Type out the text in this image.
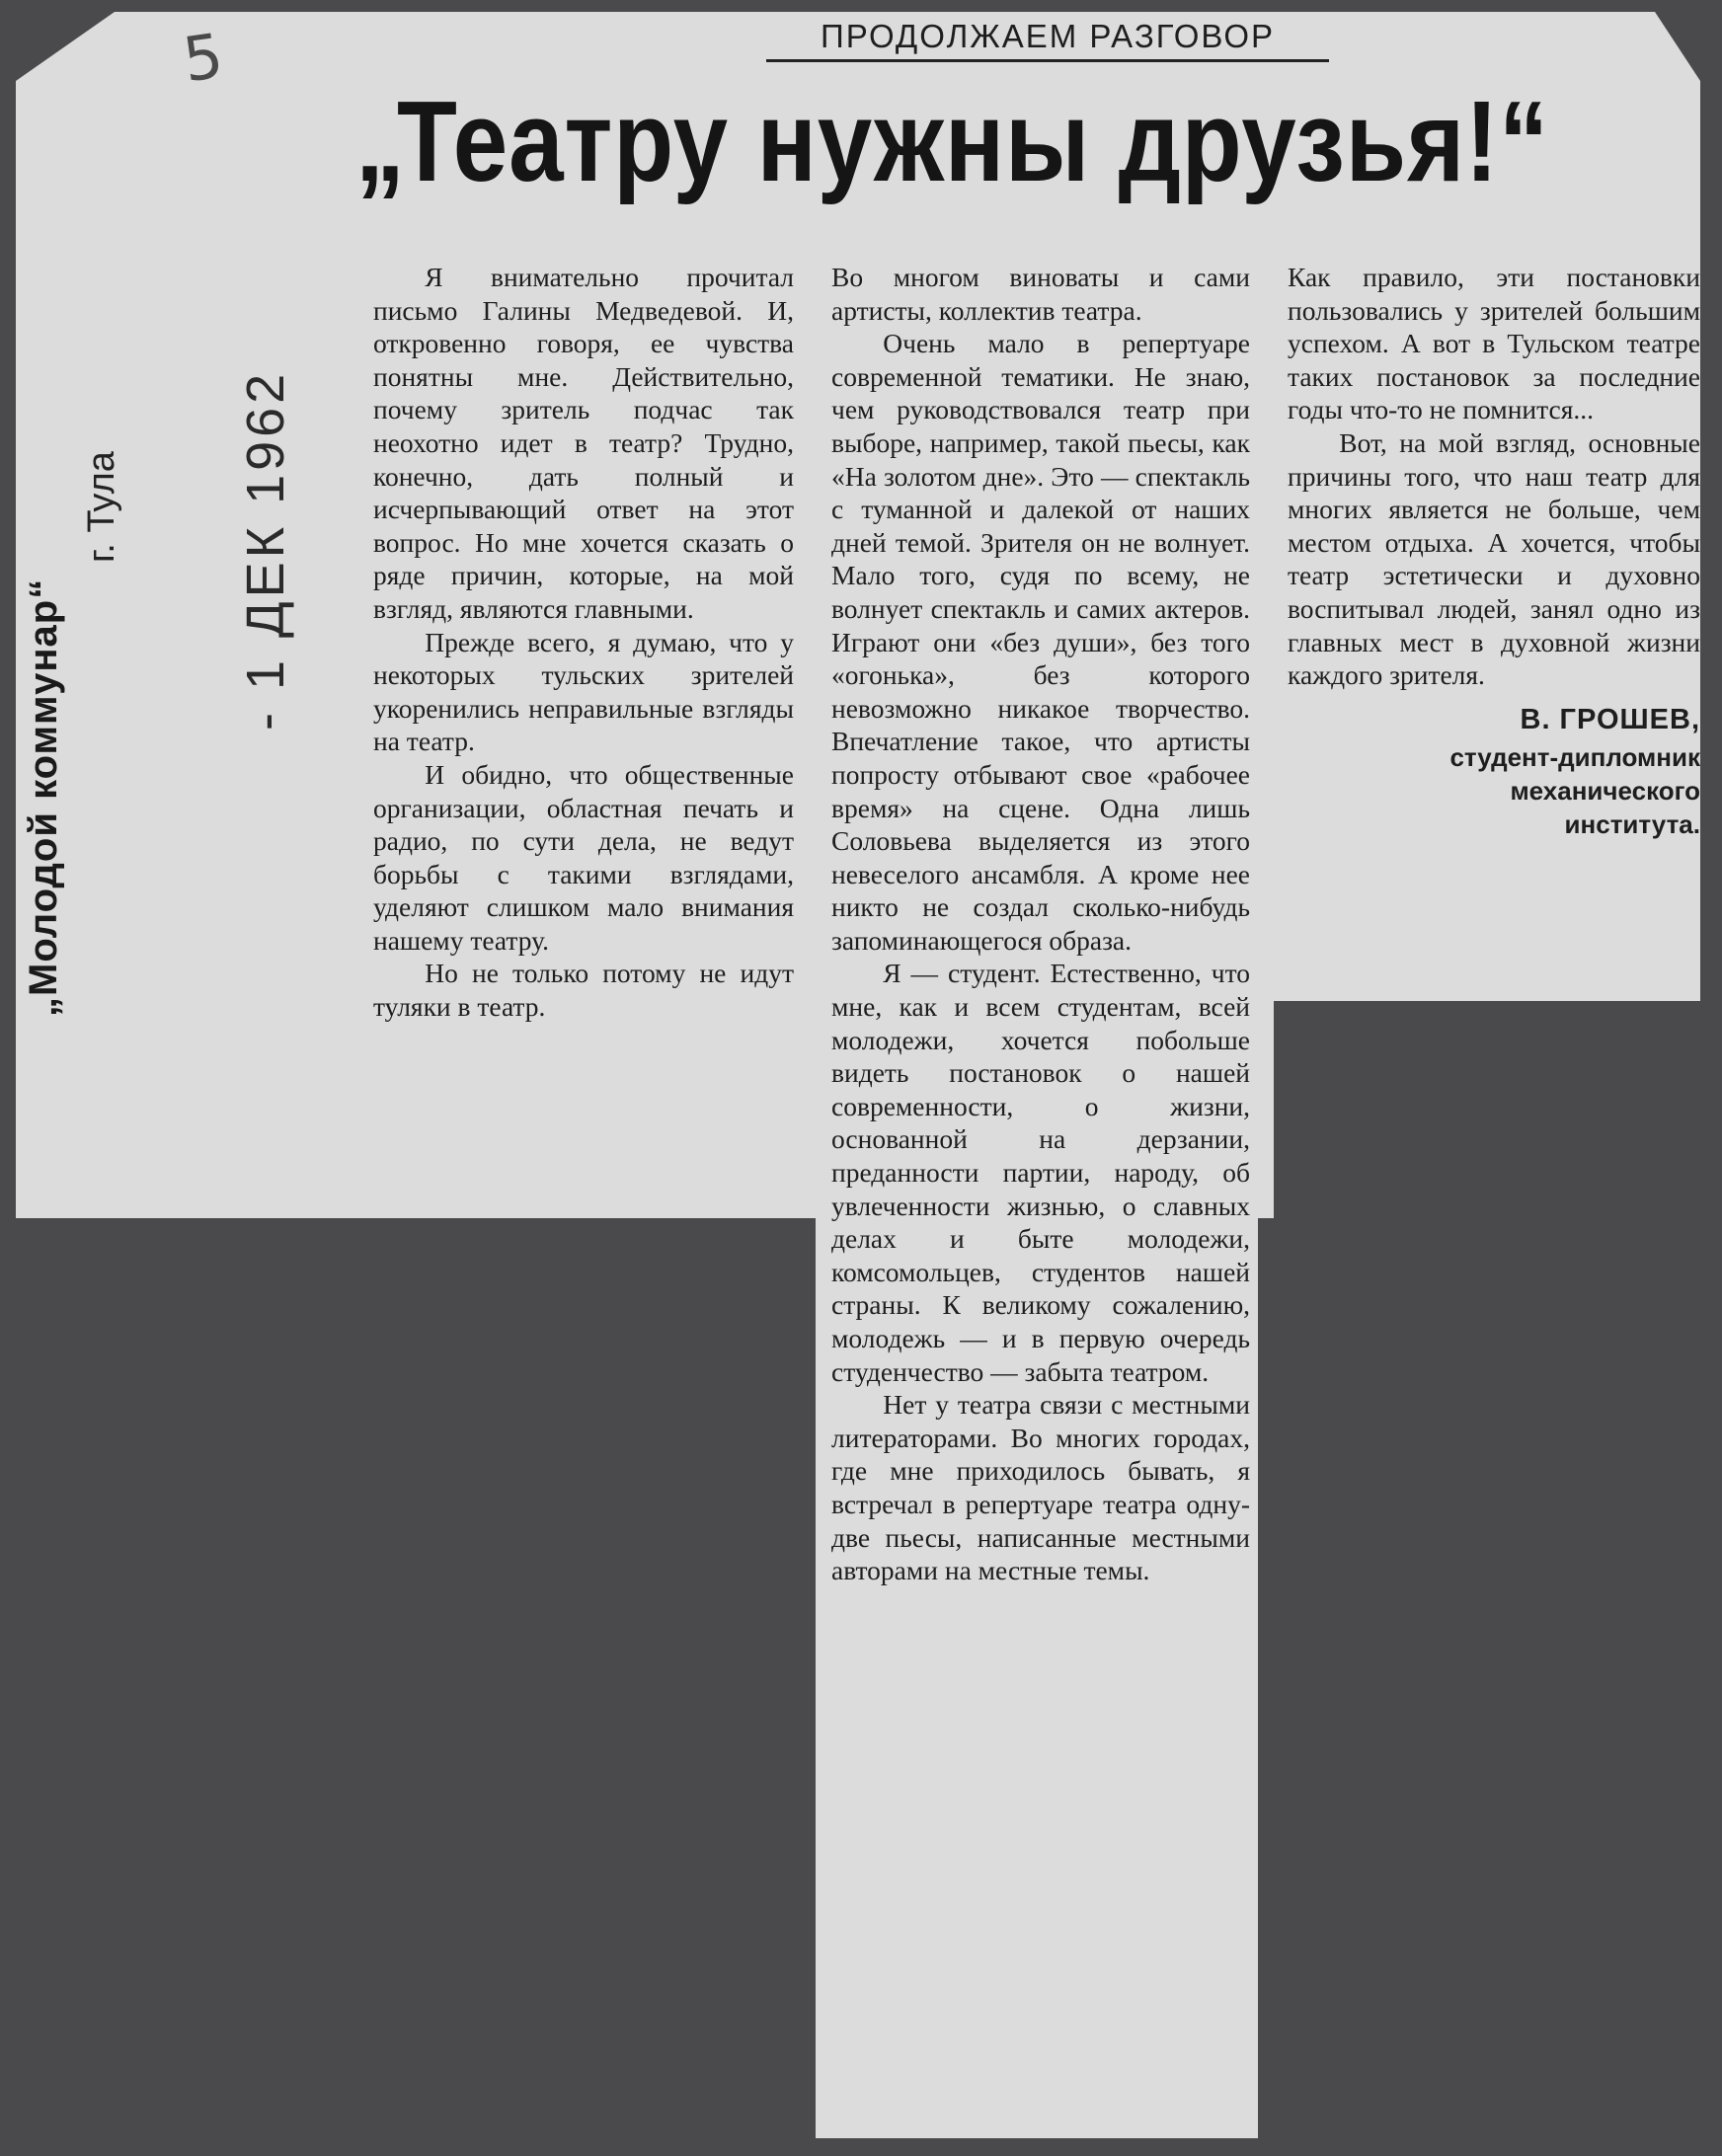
5	ПРОДОЛЖАЕМ РАЗГОВОР
„Театру нужны друзья!“
„Молодой коммунар“
г. Тула - 1 ДЕК 1962

Я внимательно прочитал письмо Галины Медведевой. И, откровенно говоря, ее чувства понятны мне. Действительно, почему зритель подчас так неохотно идет в театр? Трудно, конечно, дать полный и исчерпывающий ответ на этот вопрос. Но мне хочется сказать о ряде причин, которые, на мой взгляд, являются главными.

Прежде всего, я думаю, что у некоторых тульских зрителей укоренились неправильные взгляды на театр.

И обидно, что общественные организации, областная печать и радио, по сути дела, не ведут борьбы с такими взглядами, уделяют слишком мало внимания нашему театру.

Но не только потому не идут туляки в театр.

Во многом виноваты и сами артисты, коллектив театра.

Очень мало в репертуаре современной тематики. Не знаю, чем руководствовался театр при выборе, например, такой пьесы, как «На золотом дне». Это — спектакль с туманной и далекой от наших дней темой. Зрителя он не волнует. Мало того, судя по всему, не волнует спектакль и самих актеров. Играют они «без души», без того «огонька», без которого невозможно никакое творчество. Впечатление такое, что артисты попросту отбывают свое «рабочее время» на сцене. Одна лишь Соловьева выделяется из этого невеселого ансамбля. А кроме нее никто не создал сколько-нибудь запоминающегося образа.

Я — студент. Естественно, что мне, как и всем студентам, всей молодежи, хочется побольше видеть постановок о нашей современности, о жизни, основанной на дерзании, преданности партии, народу, об увлеченности жизнью, о славных делах и быте молодежи, комсомольцев, студентов нашей страны. К великому сожалению, молодежь — и в первую очередь студенчество — забыта театром.

Нет у театра связи с местными литераторами. Во многих городах, где мне приходилось бывать, я встречал в репертуаре театра одну-две пьесы, написанные местными авторами на местные темы.

Как правило, эти постановки пользовались у зрителей большим успехом. А вот в Тульском театре таких постановок за последние годы что-то не помнится...

Вот, на мой взгляд, основные причины того, что наш театр для многих является не больше, чем местом отдыха. А хочется, чтобы театр эстетически и духовно воспитывал людей, занял одно из главных мест в духовной жизни каждого зрителя.

В. ГРОШЕВ,
студент-дипломник
механического
института.
